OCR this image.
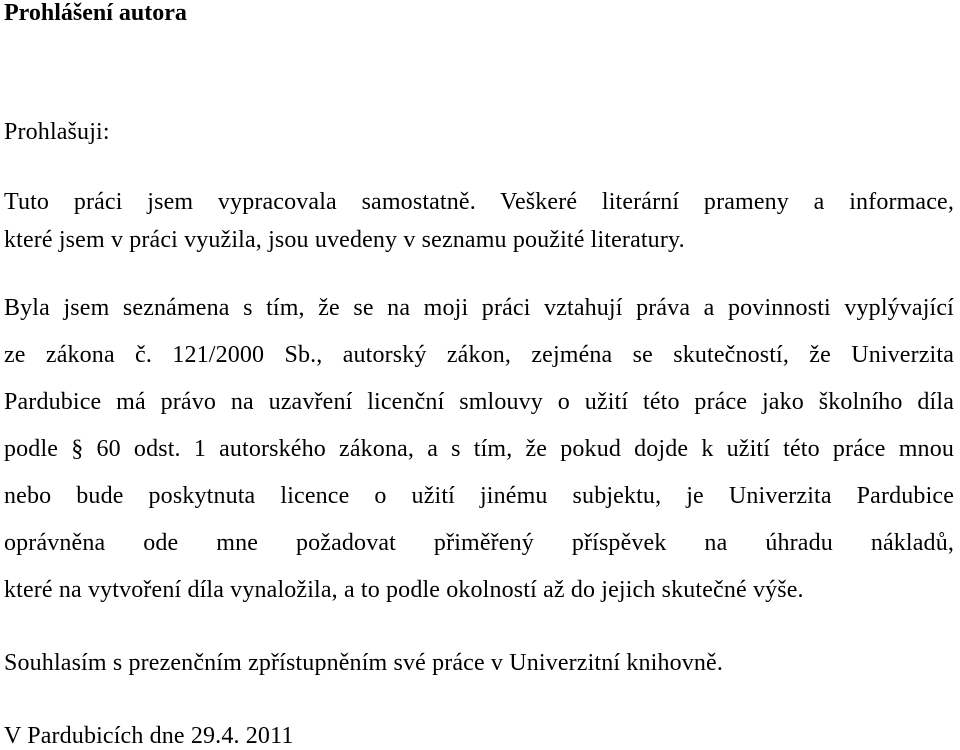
Prohlášení autora

Prohlašuji:

Tuto práci jsem vypracovala samostatně. Veškeré literární prameny a informace,
které jsem v práci využila, jsou uvedeny v seznamu použité literatury.
Byla jsem seznámena s tím, že se na moji práci vztahují práva a povinnosti vyplývající
ze zákona č. 121/2000 Sb., autorský zákon, zejména se skutečností, že Univerzita
Pardubice má právo na uzavření licenční smlouvy o užití této práce jako školního díla
podle § 60 odst. 1 autorského zákona, a s tím, že pokud dojde k užití této práce mnou
nebo bude poskytnuta licence o užití jinému subjektu, je Univerzita Pardubice
oprávněna ode mne požadovat přiměřený příspěvek na úhradu nákladů,
které na vytvoření díla vynaložila, a to podle okolností až do jejich skutečné výše.

Souhlasím s prezenčním zpřístupněním své práce v Univerzitní knihovně.

V Pardubicích dne 29.4. 2011
